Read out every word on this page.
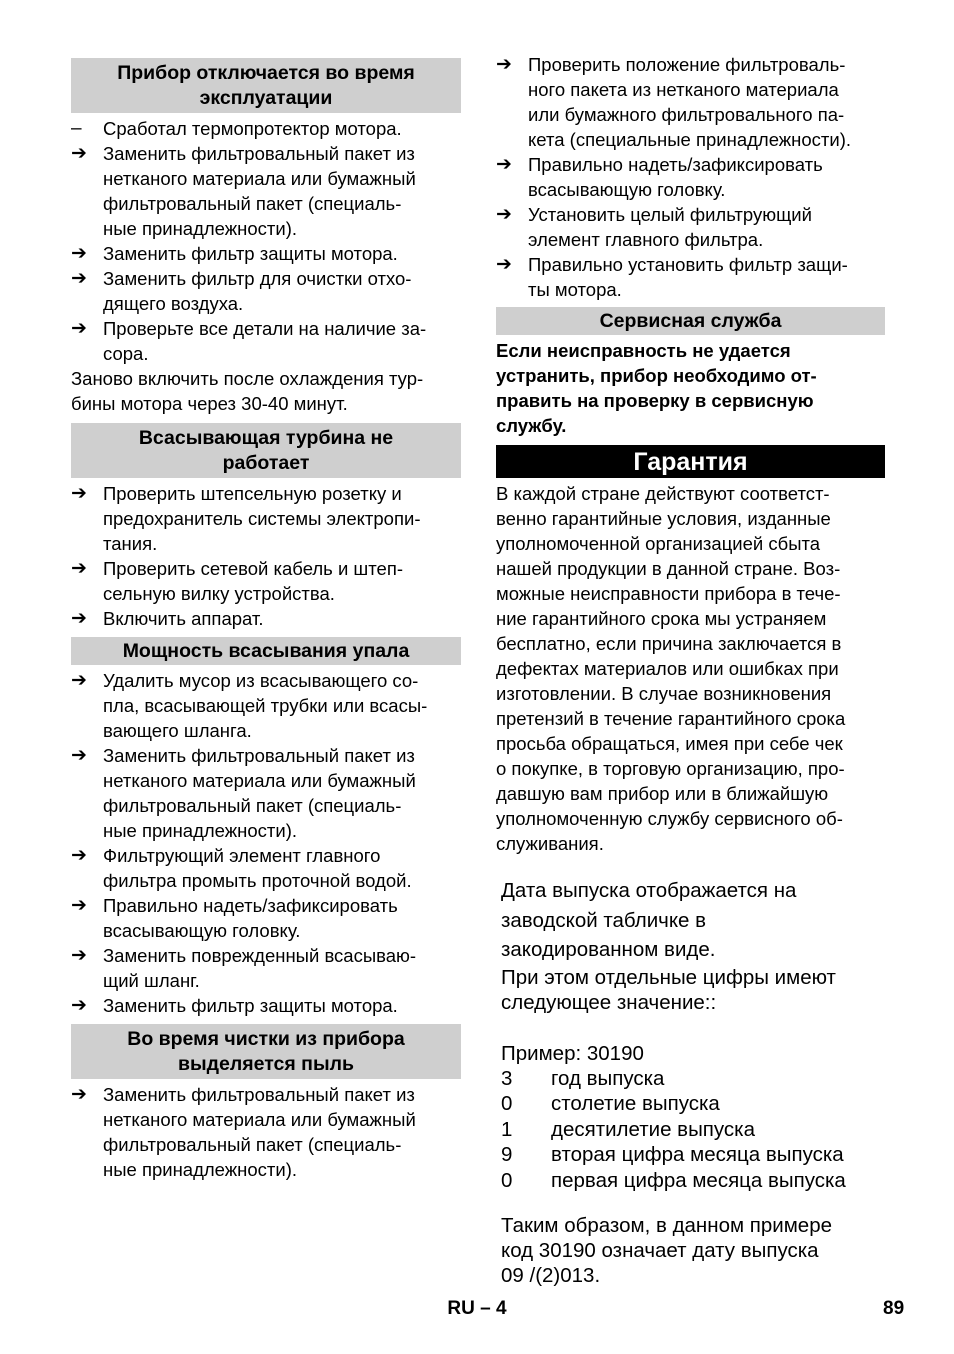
Прибор отключается во время
эксплуатации
–	Сработал термопротектор мотора.
➔ Заменить фильтровальный пакет из
нетканого материала или бумажный
фильтровальный пакет (специаль-
ные принадлежности).
➔ Заменить фильтр защиты мотора.
➔ Заменить фильтр для очистки отхо-
дящего воздуха.
➔ Проверьте все детали на наличие за-
сора.
Заново включить после охлаждения тур-
бины мотора через 30-40 минут.
Всасывающая турбина не
работает
➔ Проверить штепсельную розетку и
предохранитель системы электропи-
тания.
➔ Проверить сетевой кабель и штеп-
сельную вилку устройства.
➔ Включить аппарат.
Мощность всасывания упала
➔ Удалить мусор из всасывающего со-
пла, всасывающей трубки или всасы-
вающего шланга.
➔ Заменить фильтровальный пакет из
нетканого материала или бумажный
фильтровальный пакет (специаль-
ные принадлежности).
➔ Фильтрующий элемент главного
фильтра промыть проточной водой.
➔ Правильно надеть/зафиксировать
всасывающую головку.
➔ Заменить поврежденный всасываю-
щий шланг.
➔ Заменить фильтр защиты мотора.
Во время чистки из прибора
выделяется пыль
➔ Заменить фильтровальный пакет из
нетканого материала или бумажный
фильтровальный пакет (специаль-
ные принадлежности).
➔ Проверить положение фильтроваль-
ного пакета из нетканого материала
или бумажного фильтровального па-
кета (специальные принадлежности).
➔ Правильно надеть/зафиксировать
всасывающую головку.
➔ Установить целый фильтрующий
элемент главного фильтра.
➔ Правильно установить фильтр защи-
ты мотора.
Сервисная служба
Если неисправность не удается
устранить, прибор необходимо от-
править на проверку в сервисную
службу.
Гарантия
В каждой стране действуют соответст-
венно гарантийные условия, изданные
уполномоченной организацией сбыта
нашей продукции в данной стране. Воз-
можные неисправности прибора в тече-
ние гарантийного срока мы устраняем
бесплатно, если причина заключается в
дефектах материалов или ошибках при
изготовлении. В случае возникновения
претензий в течение гарантийного срока
просьба обращаться, имея при себе чек
о покупке, в торговую организацию, про-
давшую вам прибор или в ближайшую
уполномоченную службу сервисного об-
служивания.
Дата выпуска отображается на
заводской табличке в
закодированном виде.
При этом отдельные цифры имеют
следующее значение::
Пример: 30190
3	год выпуска
0	столетие выпуска
1	десятилетие выпуска
9	вторая цифра месяца выпуска
0	первая цифра месяца выпуска
Таким образом, в данном примере
код 30190 означает дату выпуска
09 /(2)013.
RU – 4	89
